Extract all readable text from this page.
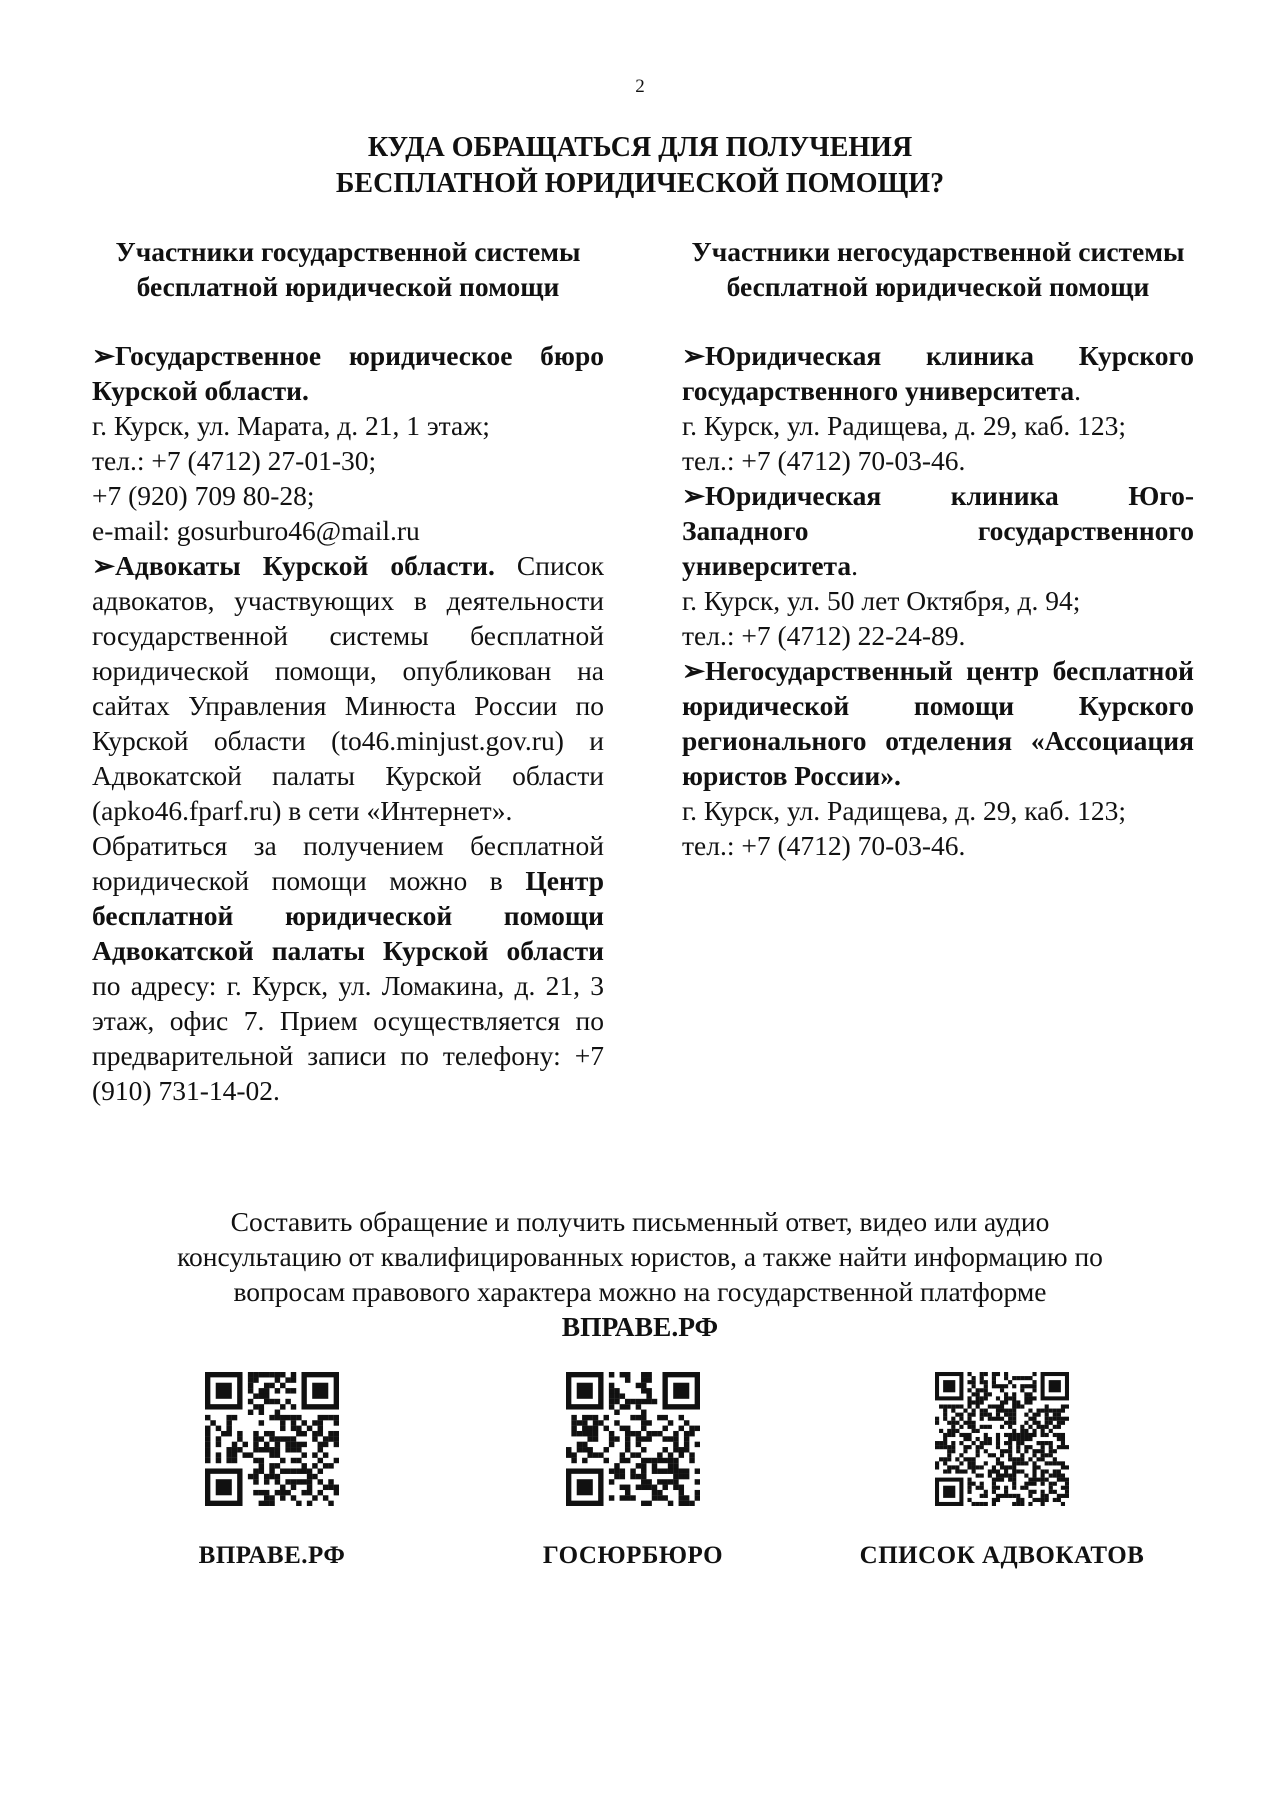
2
КУДА ОБРАЩАТЬСЯ ДЛЯ ПОЛУЧЕНИЯ
БЕСПЛАТНОЙ ЮРИДИЧЕСКОЙ ПОМОЩИ?
Участники государственной системы
бесплатной юридической помощи

➢Государственное юридическое бюро Курской области.

г. Курск, ул. Марата, д. 21, 1 этаж;
тел.: +7 (4712) 27-01-30;
+7 (920) 709 80-28;
e-mail: gosurburo46@mail.ru

➢Адвокаты Курской области. Список адвокатов, участвующих в деятельности государственной системы бесплатной юридической помощи, опубликован на сайтах Управления Минюста России по Курской области (to46.minjust.gov.ru) и Адвокатской палаты Курской области (apko46.fparf.ru) в сети «Интернет».

Обратиться за получением бесплатной юридической помощи можно в Центр бесплатной юридической помощи Адвокатской палаты Курской области по адресу: г. Курск, ул. Ломакина, д. 21, 3 этаж, офис 7. Прием осуществляется по предварительной записи по телефону: +7 (910) 731-14-02.

Участники негосударственной системы
бесплатной юридической помощи

➢Юридическая клиника Курского государственного университета.

г. Курск, ул. Радищева, д. 29, каб. 123;
тел.: +7 (4712) 70-03-46.

➢Юридическая клиника Юго-Западного государственного университета.

г. Курск, ул. 50 лет Октября, д. 94;
тел.: +7 (4712) 22-24-89.

➢Негосударственный центр бесплатной юридической помощи Курского регионального отделения «Ассоциация юристов России».

г. Курск, ул. Радищева, д. 29, каб. 123;
тел.: +7 (4712) 70-03-46.
Составить обращение и получить письменный ответ, видео или аудио
консультацию от квалифицированных юристов, а также найти информацию по
вопросам правового характера можно на государственной платформе
ВПРАВЕ.РФ
ВПРАВЕ.РФ	ГОСЮРБЮРО	СПИСОК АДВОКАТОВ
